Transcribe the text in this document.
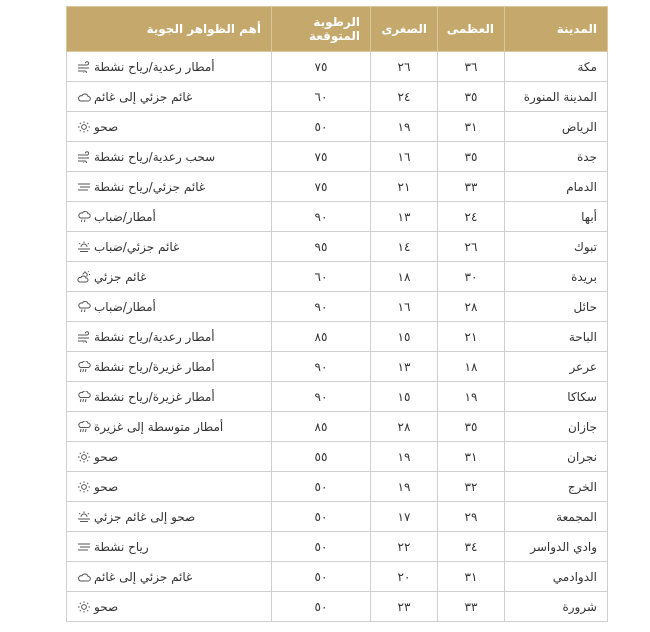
المدينة	العظمى	الصغرى	الرطوبة المتوقعة	أهم الظواهر الجوية
مكة	٣٦	٢٦	٧٥	أمطار رعدية/رياح نشطة

المدينة المنورة	٣٥	٢٤	٦٠	غائم جزئي إلى غائم

الرياض	٣١	١٩	٥٠	صحو

جدة	٣٥	١٦	٧٥	سحب رعدية/رياح نشطة

الدمام	٣٣	٢١	٧٥	غائم جزئي/رياح نشطة

أبها	٢٤	١٣	٩٠	أمطار/ضباب

تبوك	٢٦	١٤	٩٥	غائم جزئي/ضباب

بريدة	٣٠	١٨	٦٠	غائم جزئي

حائل	٢٨	١٦	٩٠	أمطار/ضباب

الباحة	٢١	١٥	٨٥	أمطار رعدية/رياح نشطة

عرعر	١٨	١٣	٩٠	أمطار غزيرة/رياح نشطة

سكاكا	١٩	١٥	٩٠	أمطار غزيرة/رياح نشطة

جازان	٣٥	٢٨	٨٥	أمطار متوسطة إلى غزيرة

نجران	٣١	١٩	٥٥	صحو

الخرج	٣٢	١٩	٥٠	صحو

المجمعة	٢٩	١٧	٥٠	صحو إلى غائم جزئي

وادي الدواسر	٣٤	٢٢	٥٠	رياح نشطة

الدوادمي	٣١	٢٠	٥٠	غائم جزئي إلى غائم

شرورة	٣٣	٢٣	٥٠	صحو
